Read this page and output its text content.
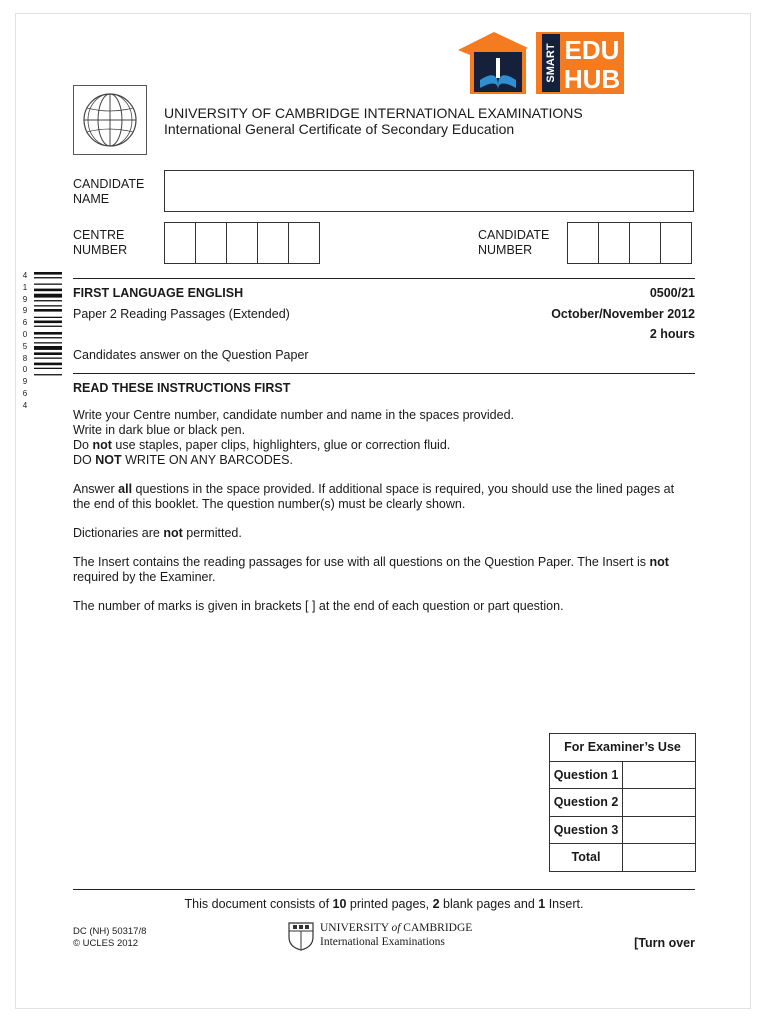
SMART EDU
HUB
UNIVERSITY OF CAMBRIDGE INTERNATIONAL EXAMINATIONS
International General Certificate of Secondary Education
CANDIDATE
NAME
CENTRE
NUMBER
CANDIDATE
NUMBER
4 1 9 9 6 0 5 8 0 9 6 4
FIRST LANGUAGE ENGLISH	0500/21
Paper 2 Reading Passages (Extended)	October/November 2012
2 hours
Candidates answer on the Question Paper
READ THESE INSTRUCTIONS FIRST

Write your Centre number, candidate number and name in the spaces provided.

Write in dark blue or black pen.

Do not use staples, paper clips, highlighters, glue or correction fluid.

DO NOT WRITE ON ANY BARCODES.

Answer all questions in the space provided. If additional space is required, you should use the lined pages at

the end of this booklet. The question number(s) must be clearly shown.

Dictionaries are not permitted.

The Insert contains the reading passages for use with all questions on the Question Paper. The Insert is not

required by the Examiner.

The number of marks is given in brackets [ ] at the end of each question or part question.

For Examiner’s Use	
Question 1	
Question 2	
Question 3	
Total	
This document consists of 10 printed pages, 2 blank pages and 1 Insert.
DC (NH) 50317/8
© UCLES 2012
UNIVERSITY of CAMBRIDGE
International Examinations	[Turn over
